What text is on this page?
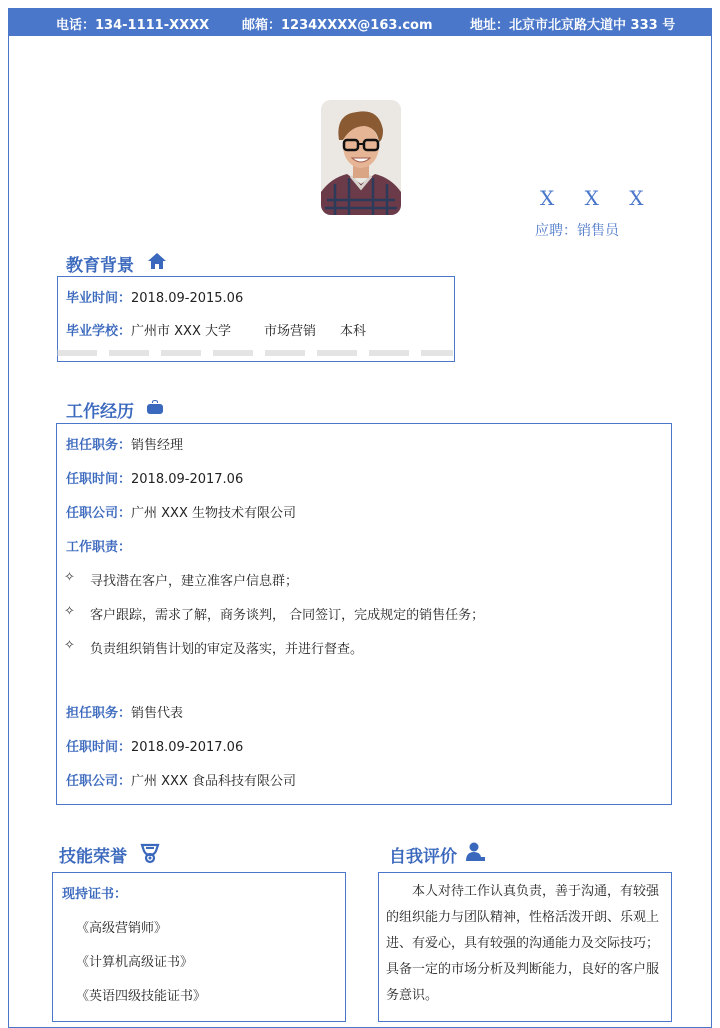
电话：134-1111-XXXX	邮箱：1234XXXX@163.com	地址：北京市北京路大道中 333 号
X X X
应聘：销售员
教育背景
毕业时间：2018.09-2015.06
毕业学校：广州市 XXX 大学	市场营销 本科
工作经历
担任职务：销售经理
任职时间：2018.09-2017.06
任职公司：广州 XXX 生物技术有限公司
工作职责：
✧ 寻找潜在客户，建立准客户信息群；
✧ 客户跟踪，需求了解，商务谈判， 合同签订，完成规定的销售任务；
✧ 负责组织销售计划的审定及落实，并进行督查。
担任职务：销售代表
任职时间：2018.09-2017.06
任职公司：广州 XXX 食品科技有限公司
技能荣誉
现持证书：
《高级营销师》
《计算机高级证书》
《英语四级技能证书》
自我评价
本人对待工作认真负责，善于沟通，有较强的组织能力与团队精神，性格活泼开朗、乐观上进、有爱心，具有较强的沟通能力及交际技巧；具备一定的市场分析及判断能力，良好的客户服务意识。
